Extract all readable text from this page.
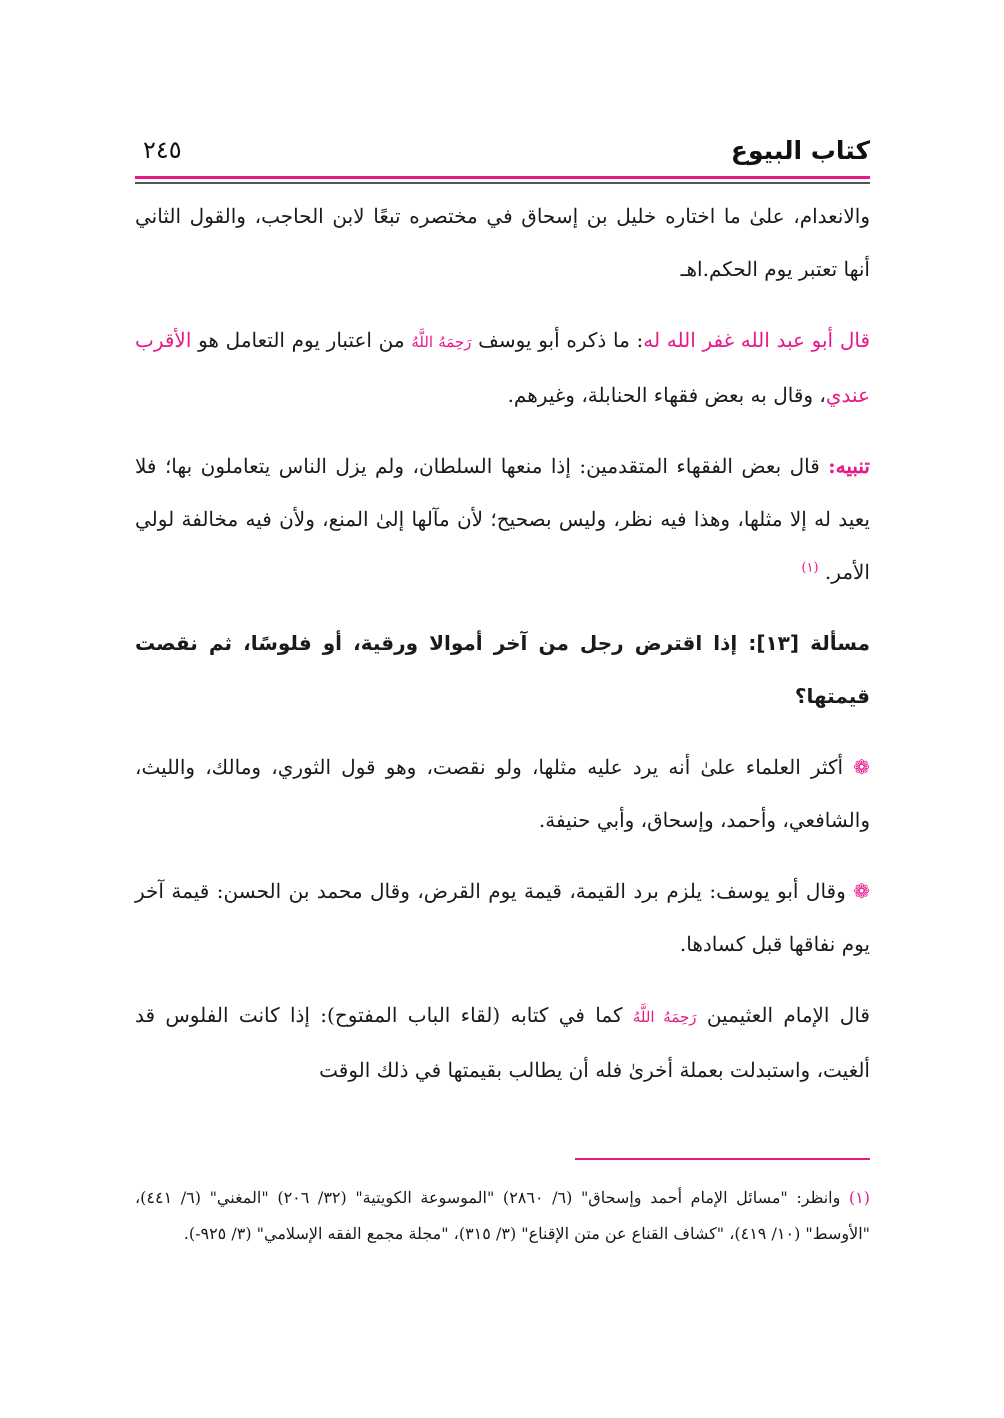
كتاب البيوع
٢٤٥

والانعدام، علىٰ ما اختاره خليل بن إسحاق في مختصره تبعًا لابن الحاجب، والقول الثاني أنها تعتبر يوم الحكم.اهـ

قال أبو عبد الله غفر الله له: ما ذكره أبو يوسف رَحِمَهُ اللَّهُ من اعتبار يوم التعامل هو الأقرب عندي، وقال به بعض فقهاء الحنابلة، وغيرهم.

تنبيه: قال بعض الفقهاء المتقدمين: إذا منعها السلطان، ولم يزل الناس يتعاملون بها؛ فلا يعيد له إلا مثلها، وهذا فيه نظر، وليس بصحيح؛ لأن مآلها إلىٰ المنع، ولأن فيه مخالفة لولي الأمر. $^{(١)}$

مسألة [١٣]: إذا اقترض رجل من آخر أموالا ورقية، أو فلوسًا، ثم نقصت قيمتها؟

❁ أكثر العلماء علىٰ أنه يرد عليه مثلها، ولو نقصت، وهو قول الثوري، ومالك، والليث، والشافعي، وأحمد، وإسحاق، وأبي حنيفة.

❁ وقال أبو يوسف: يلزم برد القيمة، قيمة يوم القرض، وقال محمد بن الحسن: قيمة آخر يوم نفاقها قبل كسادها.

قال الإمام العثيمين رَحِمَهُ اللَّهُ كما في كتابه (لقاء الباب المفتوح): إذا كانت الفلوس قد ألغيت، واستبدلت بعملة أخرىٰ فله أن يطالب بقيمتها في ذلك الوقت

(١) وانظر: "مسائل الإمام أحمد وإسحاق" (٦/ ٢٨٦٠) "الموسوعة الكويتية" (٣٢/ ٢٠٦) "المغني" (٦/ ٤٤١)، "الأوسط" (١٠/ ٤١٩)، "كشاف القناع عن متن الإقناع" (٣/ ٣١٥)، "مجلة مجمع الفقه الإسلامي" (٣/ ٩٢٥-).
